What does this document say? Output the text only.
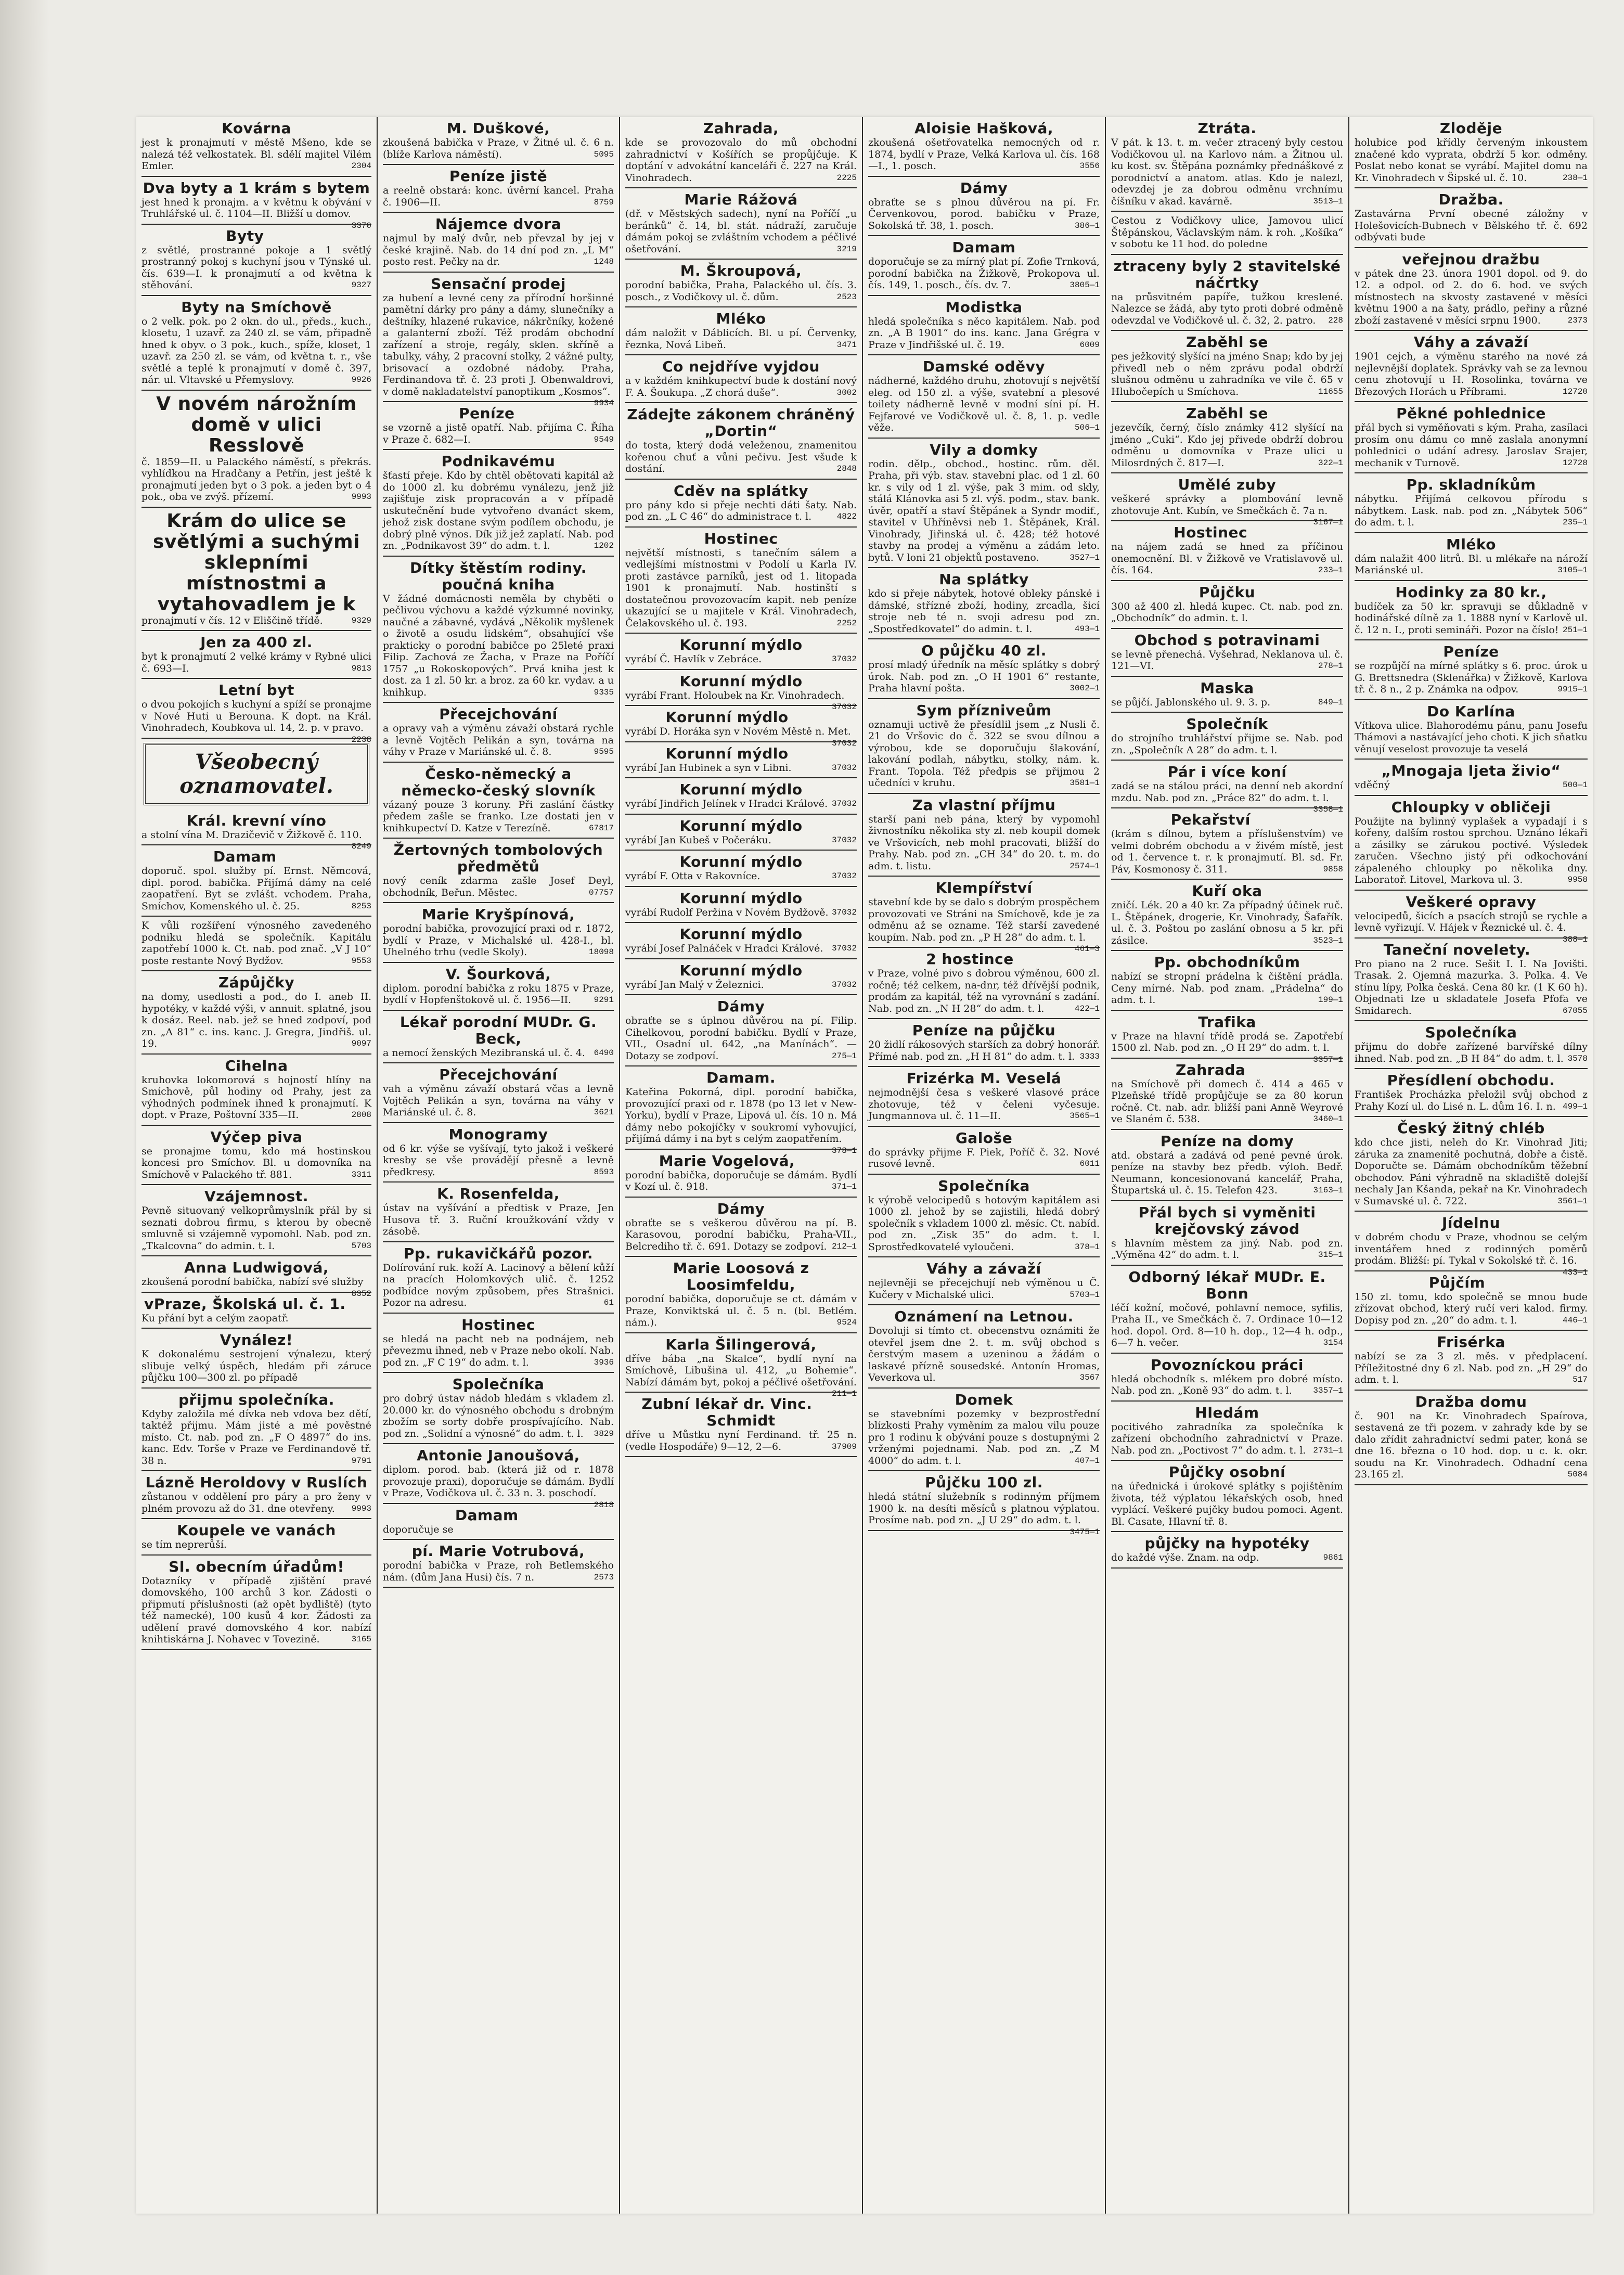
Kovárna
jest k pronajmutí v městě Mšeno, kde se nalezá též velkostatek. Bl. sdělí majitel Vilém Emler.	2304
Dva byty a 1 krám s bytem
jest hned k pronajm. a v květnu k obývání v Truhlářské ul. č. 1104—II. Bližší u domov.
3370
Byty
z světlé, prostranné pokoje a 1 světlý prostranný pokoj s kuchyní jsou v Týnské ul. čís. 639—I. k pronajmutí a od května k stěhování.	9327
Byty na Smíchově
o 2 velk. pok. po 2 okn. do ul., předs., kuch., klosetu, 1 uzavř. za 240 zl. se vám, připadně hned k obyv. o 3 pok., kuch., spíže, kloset, 1 uzavř. za 250 zl. se vám, od května t. r., vše světlé a teplé k pronajmutí v domě č. 397, nár. ul. Vltavské u Přemyslovy.	9926
V novém nárožním domě v ulici Resslově
č. 1859—II. u Palackého náměstí, s překrás. vyhlídkou na Hradčany a Petřín, jest ještě k pronajmutí jeden byt o 3 pok. a jeden byt o 4 pok., oba ve zvýš. přízemí.	9993
Krám do ulice se světlými a suchými sklepními místnostmi a vytahovadlem je k
pronajmutí v čís. 12 v Eliščině třídě.	9329
Jen za 400 zl.
byt k pronajmutí 2 velké krámy v Rybné ulici č. 693—I.	9813
Letní byt
o dvou pokojích s kuchyní a spíží se pronajme v Nové Huti u Berouna. K dopt. na Král. Vinohradech, Koubkova ul. 14, 2. p. v pravo.
2238
Všeobecný oznamovatel.
Král. krevní víno
a stolní vína M. Drazičevič v Žižkově č. 110.
8249
Damam
doporuč. spol. služby pí. Ernst. Němcová, dipl. porod. babička. Přijímá dámy na celé zaopatření. Byt se zvlášt. vchodem. Praha, Smíchov, Komenského ul. č. 25.	8253
K vůli rozšíření výnosného zavedeného podniku hledá se společník. Kapitálu zapotřebí 1000 k. Ct. nab. pod znač. „V J 10“ poste restante Nový Bydžov.	9553
Zápůjčky
na domy, usedlosti a pod., do I. aneb II. hypotéky, v každé výši, v annuit. splatné, jsou k dosáz. Reel. nab. jež se hned zodpoví, pod zn. „A 81“ c. ins. kanc. J. Gregra, Jindřiš. ul. 19.	9097
Cihelna
kruhovka lokomorová s hojností hlíny na Smíchově, půl hodiny od Prahy, jest za výhodných podmínek ihned k pronajmutí. K dopt. v Praze, Poštovní 335—II.	2808
Výčep piva
se pronajme tomu, kdo má hostinskou koncesi pro Smíchov. Bl. u domovníka na Smíchově v Palackého tř. 881.	3311
Vzájemnost.
Pevně situovaný velkoprůmyslník přál by si seznati dobrou firmu, s kterou by obecně smluvně si vzájemně vypomohl. Nab. pod zn. „Tkalcovna“ do admin. t. l.	5703
Anna Ludwigová,
zkoušená porodní babička, nabízí své služby
8352
vPraze, Školská ul. č. 1.
Ku přání byt a celým zaopatř.
Vynález!
K dokonalému sestrojení výnalezu, který slibuje velký úspěch, hledám při záruce půjčku 100—300 zl. po případě
přijmu společníka.
Kdyby založila mé dívka neb vdova bez dětí, taktéž přijmu. Mám jisté a mé pověstné místo. Ct. nab. pod zn. „F O 4897“ do ins. kanc. Edv. Torše v Praze ve Ferdinandově tř. 38 n.	9791
Lázně Heroldovy v Ruslích
zůstanou v oddělení pro páry a pro ženy v plném provozu až do 31. dne otevřeny. 9993
Koupele ve vanách
se tím neprerůší.
Sl. obecním úřadům!
Dotazníky v případě zjištění pravé domovského, 100 archů 3 kor. Zádosti o připmutí příslušnosti (až opět bydliště) (tyto též namecké), 100 kusů 4 kor. Žádosti za udělení pravé domovského 4 kor. nabízí knihtiskárna J. Nohavec v Tovezině.	3165
M. Duškové,
zkoušená babička v Praze, v Žitné ul. č. 6 n. (blíže Karlova náměstí).	5095
Peníze jistě
a reelně obstará: konc. úvěrní kancel. Praha č. 1906—II.	8759
Nájemce dvora
najmul by malý dvůr, neb převzal by jej v české krajině. Nab. do 14 dní pod zn. „L M“ posto rest. Pečky na dr.	1248
Sensační prodej
za hubení a levné ceny za přírodní horšinné pamětní dárky pro pány a dámy, slunečníky a deštníky, hlazené rukavice, nákrčníky, kožené a galanterní zboží. Též prodám obchodní zařízení a stroje, regály, sklen. skříně a tabulky, váhy, 2 pracovní stolky, 2 vážné pulty, brisovací a ozdobné nádoby. Praha, Ferdinandova tř. č. 23 proti J. Obenwaldrovi, v domě nakladatelství panoptikum „Kosmos“.
9934
Peníze
se vzorně a jistě opatří. Nab. přijíma C. Říha v Praze č. 682—I.	9549
Podnikavému
šťastí přeje. Kdo by chtěl obětovati kapitál až do 1000 zl. ku dobrému vynálezu, jenž již zajišťuje zisk propracován a v případě uskutečnění bude vytvořeno dvanáct skem, jehož zisk dostane svým podílem obchodu, je dobrý plně výnos. Dík již jež zaplatí. Nab. pod zn. „Podnikavost 39“ do adm. t. l.	1202
Dítky štěstím rodiny. poučná kniha
V žádné domácnosti neměla by chyběti o pečlivou výchovu a každé výzkumné novinky, naučné a zábavné, vydává „Několik myšlenek o životě a osudu lidském“, obsahující vše prakticky o porodní babičce po 25leté praxi Filip. Zachová ze Žacha, v Praze na Poříčí 1757 „u Rokoskopových“. Prvá kniha jest k dost. za 1 zl. 50 kr. a broz. za 60 kr. vydav. a u knihkup.	9335
Přecejchování
a opravy vah a výměnu závaží obstará rychle a levně Vojtěch Pelikán a syn, továrna na váhy v Praze v Mariánské ul. č. 8.	9595
Česko-německý a německo-český slovník
vázaný pouze 3 koruny. Při zaslání částky předem zašle se franko. Lze dostati jen v knihkupectví D. Katze v Terezíně.	67817
Žertovných tombolových předmětů
nový ceník zdarma zašle Josef Deyl, obchodník, Beřun. Městec.	07757
Marie Kryšpínová,
porodní babička, provozující praxi od r. 1872, bydlí v Praze, v Michalské ul. 428-I., bl. Uhelného trhu (vedle Skoly).	18098
V. Šourková,
diplom. porodní babička z roku 1875 v Praze, bydlí v Hopfenštokově ul. č. 1956—II.	9291
Lékař porodní MUDr. G. Beck,
a nemocí ženských Mezibranská ul. č. 4. 6490
Přecejchování
vah a výměnu závaží obstará včas a levně Vojtěch Pelikán a syn, továrna na váhy v Mariánské ul. č. 8.	3621
Monogramy
od 6 kr. výše se vyšívají, tyto jakož i veškeré kresby se vše provádějí přesně a levně předkresy.	8593
K. Rosenfelda,
ústav na vyšívání a předtisk v Praze, Jen Husova tř. 3. Ruční kroužkování vždy v zásobě.
Pp. rukavičkářů pozor.
Dolírování ruk. koží A. Lacinový a bělení kůží na pracích Holomkových ulič. č. 1252 podbídce novým způsobem, přes Strašnici. Pozor na adresu.	61
Hostinec
se hledá na pacht neb na podnájem, neb převezmu ihned, neb v Praze nebo okolí. Nab. pod zn. „F C 19“ do adm. t. l.	3936
Společníka
pro dobrý ústav nádob hledám s vkladem zl. 20.000 kr. do výnosného obchodu s drobným zbožím se sorty dobře prospívajícího. Nab. pod zn. „Solidní a výnosné“ do adm. t. l. 3829
Antonie Janoušová,
diplom. porod. bab. (která již od r. 1878 provozuje praxi), doporučuje se dámám. Bydlí v Praze, Vodičkova ul. č. 33 n. 3. poschodí.
2818
Damam
doporučuje se
pí. Marie Votrubová,
porodní babička v Praze, roh Betlemského nám. (dům Jana Husi) čís. 7 n.	2573
Zahrada,
kde se provozovalo do mů obchodní zahradnictví v Košířích se propůjčuje. K doptání v advokátní kanceláři č. 227 na Král. Vinohradech.	2225
Marie Rážová
(dř. v Městských sadech), nyní na Poříčí „u beránků“ č. 14, bl. stát. nádraží, zaručuje dámám pokoj se zvláštním vchodem a péčlivé ošetřování.	3219
M. Škroupová,
porodní babička, Praha, Palackého ul. čís. 3. posch., z Vodičkovy ul. č. dům.	2523
Mléko
dám naložit v Dáblicích. Bl. u pí. Červenky, řeznka, Nová Libeň.	3471
Co nejdříve vyjdou
a v každém knihkupectví bude k dostání nový F. A. Šoukupa. „Z chorá duše“.	3002
Zádejte zákonem chráněný „Dortin“
do tosta, který dodá veleženou, znamenitou kořenou chuť a vůni pečivu. Jest všude k dostání.	2848
Cděv na splátky
pro pány kdo si přeje nechti dáti šaty. Nab. pod zn. „L C 46“ do administrace t. l.	4822
Hostinec
největší místnosti, s tanečním sálem a vedlejšími místnostmi v Podolí u Karla IV. proti zastávce parníků, jest od 1. litopada 1901 k pronajmutí. Nab. hostinští s dostatečnou provozovacím kapit. neb peníze ukazující se u majitele v Král. Vinohradech, Čelakovského ul. č. 193.	2252
Korunní mýdlo
vyrábí Č. Havlík v Zebráce.	37032
Korunní mýdlo
vyrábí Frant. Holoubek na Kr. Vinohradech.
37032
Korunní mýdlo
vyrábí D. Horáka syn v Novém Městě n. Met.
37032
Korunní mýdlo
vyrábí Jan Hubinek a syn v Libni.	37032
Korunní mýdlo
vyrábí Jindřich Jelínek v Hradci Králové. 37032
Korunní mýdlo
vyrábí Jan Kubeš v Počeráku.	37032
Korunní mýdlo
vyrábí F. Otta v Rakovníce.	37032
Korunní mýdlo
vyrábí Rudolf Peržina v Novém Bydžově. 37032
Korunní mýdlo
vyrábí Josef Palnáček v Hradci Králové. 37032
Korunní mýdlo
vyrábí Jan Malý v Železnici.	37032
Dámy
obraťte se s úplnou důvěrou na pí. Filip. Cihelkovou, porodní babičku. Bydlí v Praze, VII., Osadní ul. 642, „na Manínách“. — Dotazy se zodpoví.	275—1
Damam.
Kateřina Pokorná, dipl. porodní babička, provozující praxi od r. 1878 (po 13 let v New-Yorku), bydlí v Praze, Lipová ul. čís. 10 n. Má dámy nebo pokojíčky v soukromí vyhovující, přijímá dámy i na byt s celým zaopatřením.
378—1
Marie Vogelová,
porodní babička, doporučuje se dámám. Bydlí v Kozí ul. č. 918.	371—1
Dámy
obraťte se s veškerou důvěrou na pí. B. Karasovou, porodní babičku, Praha-VII., Belcrediho tř. č. 691. Dotazy se zodpoví. 212—1
Marie Loosová z Loosimfeldu,
porodní babička, doporučuje se ct. dámám v Praze, Konviktská ul. č. 5 n. (bl. Betlém. nám.).	9524
Karla Šilingerová,
dříve bába „na Skalce“, bydlí nyní na Smíchově, Libušina ul. 412, „u Bohemie“. Nabízí dámám byt, pokoj a péčlivé ošetřování.
211—1
Zubní lékař dr. Vinc. Schmidt
dříve u Můstku nyní Ferdinand. tř. 25 n. (vedle Hospodáře) 9—12, 2—6.	37909
Aloisie Hašková,
zkoušená ošetřovatelka nemocných od r. 1874, bydlí v Praze, Velká Karlova ul. čís. 168—I., 1. posch.	3556
Dámy
obraťte se s plnou důvěrou na pí. Fr. Červenkovou, porod. babičku v Praze, Sokolská tř. 38, 1. posch.	386—1
Damam
doporučuje se za mírný plat pí. Zofie Trnková, porodní babička na Žižkově, Prokopova ul. čís. 149, 1. posch., čís. dv. 7.	3805—1
Modistka
hledá společníka s něco kapitálem. Nab. pod zn. „A B 1901“ do ins. kanc. Jana Grégra v Praze v Jindřišské ul. č. 19.	6009
Damské oděvy
nádherné, každého druhu, zhotovují s největší eleg. od 150 zl. a výše, svatební a plesové toilety nádherně levně v modní síni pí. H. Fejfarové ve Vodičkově ul. č. 8, 1. p. vedle věže.	506—1
Vily a domky
rodin. dělp., obchod., hostinc. rům. děl. Praha, při výb. stav. stavební plac. od 1 zl. 60 kr. s vily od 1 zl. výše, pak 3 mim. od skly, stálá Klánovka asi 5 zl. výš. podm., stav. bank. úvěr, opatří a staví Štěpánek a Syndr modif., stavitel v Uhříněvsi neb 1. Štěpánek, Král. Vinohrady, Jiřinská ul. č. 428; též hotové stavby na prodej a výměnu a zádám leto. bytů. V loni 21 objektů postaveno.	3527—1
Na splátky
kdo si přeje nábytek, hotové obleky pánské i dámské, střízné zboží, hodiny, zrcadla, šicí stroje neb té n. svoji adresu pod zn. „Spostředkovatel“ do admin. t. l.	493—1
O půjčku 40 zl.
prosí mladý úředník na měsíc splátky s dobrý úrok. Nab. pod zn. „O H 1901 6“ restante, Praha hlavní pošta.	3002—1
Sym přízniveům
oznamuji uctivě že přesídlil jsem „z Nusli č. 21 do Vršovic do č. 322 se svou dílnou a výrobou, kde se doporučuju šlakování, lakování podlah, nábytku, stolky, nám. k. Frant. Topola. Též předpis se přijmou 2 učedníci v kruhu.	3581—1
Za vlastní příjmu
starší pani neb pána, který by vypomohl živnostníku několika sty zl. neb koupil domek ve Vršovicích, neb mohl pracovati, bližší do Prahy. Nab. pod zn. „CH 34“ do 20. t. m. do adm. t. listu.	2574—1
Klempířství
stavební kde by se dalo s dobrým prospěchem provozovati ve Stráni na Smíchově, kde je za odměnu až se ozname. Též starší zavedené koupím. Nab. pod zn. „P H 28“ do adm. t. l.
461—3
2 hostince
v Praze, volné pivo s dobrou výměnou, 600 zl. ročně; též celkem, na-dnr, též dřívější podnik, prodám za kapitál, též na vyrovnání s zadání. Nab. pod zn. „N H 28“ do adm. t. l.	422—1
Peníze na půjčku
20 židlí rákosových starších za dobrý honorář. Přímé nab. pod zn. „H H 81“ do adm. t. l. 3333
Frizérka M. Veselá
nejmodnější česa s veškeré vlasové práce zhotovuje, též v čeleni vyčesuje. Jungmannova ul. č. 11—II.	3565—1
Galoše
do správky přijme F. Piek, Poříč č. 32. Nové rusové levně.	6011
Společníka
k výrobě velocipedů s hotovým kapitálem asi 1000 zl. jehož by se zajistili, hledá dobrý společník s vkladem 1000 zl. měsíc. Ct. nabíd. pod zn. „Zisk 35“ do adm. t. l. Sprostředkovatelé vyloučeni.	378—1
Váhy a závaží
nejlevněji se přecejchují neb výměnou u Č. Kučery v Michalské ulici.	5703—1
Oznámení na Letnou.
Dovoluji si tímto ct. obecenstvu oznámiti že otevřel jsem dne 2. t. m. svůj obchod s čerstvým masem a uzeninou a žádám o laskavé přízně sousedské. Antonín Hromas, Veverkova ul.	3567
Domek
se stavebními pozemky v bezprostřední blízkosti Prahy vyměním za malou vilu pouze pro 1 rodinu k obývání pouze s dostupnými 2 vrženými pojednami. Nab. pod zn. „Z M 4000“ do adm. t. l.	407—1
Půjčku 100 zl.
hledá státní služebník s rodinným příjmem 1900 k. na desíti měsíců s platnou výplatou. Prosíme nab. pod zn. „J U 29“ do adm. t. l.
3475—1
Ztráta.
V pát. k 13. t. m. večer ztracený byly cestou Vodičkovou ul. na Karlovo nám. a Žitnou ul. ku kost. sv. Štěpána poznámky přednáškové z porodnictví a anatom. atlas. Kdo je nalezl, odevzdej je za dobrou odměnu vrchnímu číšníku v akad. kavárně.	3513—1
Cestou z Vodičkovy ulice, Jamovou ulicí Štěpánskou, Václavským nám. k roh. „Košíka“ v sobotu ke 11 hod. do poledne
ztraceny byly 2 stavitelské náčrtky
na průsvitném papíře, tužkou kreslené. Nalezce se žádá, aby tyto proti dobré odměně odevzdal ve Vodičkově ul. č. 32, 2. patro. 228
Zaběhl se
pes ježkovitý slyšící na jméno Snap; kdo by jej přivedl neb o něm zprávu podal obdrží slušnou odměnu u zahradníka ve vile č. 65 v Hlubočepích u Smíchova.	11655
Zaběhl se
jezevčík, černý, číslo známky 412 slyšící na jméno „Cuki“. Kdo jej přivede obdrží dobrou odměnu u domovníka v Praze ulici u Milosrdných č. 817—I.	322—1
Umělé zuby
veškeré správky a plombování levně zhotovuje Ant. Kubín, ve Smečkách č. 7a n.
3167—1
Hostinec
na nájem zadá se hned za příčinou onemocnění. Bl. v Žižkově ve Vratislavově ul. čís. 164.	233—1
Půjčku
300 až 400 zl. hledá kupec. Ct. nab. pod zn. „Obchodník“ do admin. t. l.
Obchod s potravinami
se levně přenechá. Vyšehrad, Neklanova ul. č. 121—VI.	278—1
Maska
se půjčí. Jablonského ul. 9. 3. p.	849—1
Společník
do strojního truhlářství přijme se. Nab. pod zn. „Společník A 28“ do adm. t. l.
Pár i více koní
zadá se na stálou práci, na denní neb akordní mzdu. Nab. pod zn. „Práce 82“ do adm. t. l.
3358—1
Pekařství
(krám s dílnou, bytem a příslušenstvím) ve velmi dobrém obchodu a v živém místě, jest od 1. července t. r. k pronajmutí. Bl. sd. Fr. Páv, Kosmonosy č. 311.	9858
Kuří oka
zničí. Lék. 20 a 40 kr. Za případný účinek ruč. L. Štěpánek, drogerie, Kr. Vinohrady, Šafařík. ul. č. 3. Poštou po zaslání obnosu a 5 kr. při zásilce.	3523—1
Pp. obchodníkům
nabízí se stropní prádelna k čištění prádla. Ceny mírné. Nab. pod znam. „Prádelna“ do adm. t. l.	199—1
Trafika
v Praze na hlavní třídě prodá se. Zapotřebí 1500 zl. Nab. pod zn. „O H 29“ do adm. t. l.
3357—1
Zahrada
na Smíchově při domech č. 414 a 465 v Plzeňské třídě propůjčuje se za 80 korun ročně. Ct. nab. adr. bližší pani Anně Weyrové ve Slaném č. 538.	3460—1
Peníze na domy
atd. obstará a zadává od pené pevné úrok. peníze na stavby bez předb. výloh. Bedř. Neumann, koncesionovaná kancelář, Praha, Štupartská ul. č. 15. Telefon 423.	3163—1
Přál bych si vyměniti krejčovský závod
s hlavním městem za jiný. Nab. pod zn. „Výměna 42“ do adm. t. l.	315—1
Odborný lékař MUDr. E. Bonn
léčí kožní, močové, pohlavní nemoce, syfilis, Praha II., ve Smečkách č. 7. Ordinace 10—12 hod. dopol. Ord. 8—10 h. dop., 12—4 h. odp., 6—7 h. večer.	3154
Povozníckou práci
hledá obchodník s. mlékem pro dobré místo. Nab. pod zn. „Koně 93“ do adm. t. l.	3357—1
Hledám
pocitivého zahradníka za společníka k zařízení obchodního zahradnictví v Praze. Nab. pod zn. „Poctivost 7“ do adm. t. l. 2731—1
Půjčky osobní
na úřednická i úrokové splátky s pojištěním života, též výplatou lékařských osob, hned vyplácí. Veškeré pujčky budou pomoci. Agent. Bl. Casate, Hlavní tř. 8.
půjčky na hypotéky
do každé výše. Znam. na odp.	9861
Zloděje
holubice pod křídly červeným inkoustem značené kdo vyprata, obdrží 5 kor. odměny. Poslat nebo konat se vyrábí. Majitel domu na Kr. Vinohradech v Šipské ul. č. 10.	238—1
Dražba.
Zastavárna První obecné záložny v Holešovicích-Bubnech v Bělského tř. č. 692 odbývati bude
veřejnou dražbu
v pátek dne 23. února 1901 dopol. od 9. do 12. a odpol. od 2. do 6. hod. ve svých místnostech na skvosty zastavené v měsíci květnu 1900 a na šaty, prádlo, peřiny a různé zboží zastavené v měsíci srpnu 1900.	2373
Váhy a závaží
1901 cejch, a výměnu starého na nové zá nejlevnější doplatek. Správky vah se za levnou cenu zhotovují u H. Rosolinka, továrna ve Březových Horách u Příbrami.	12720
Pěkné pohlednice
přál bych si vyměňovati s kým. Praha, zasílaci prosím onu dámu co mně zaslala anonymní pohlednici o udání adresy. Jaroslav Srajer, mechanik v Turnově.	12728
Pp. skladníkům
nábytku. Přijímá celkovou přírodu s nábytkem. Lask. nab. pod zn. „Nábytek 506“ do adm. t. l.	235—1
Mléko
dám nalažit 400 litrů. Bl. u mlékaře na nároží Mariánské ul.	3105—1
Hodinky za 80 kr.,
budíček za 50 kr. spravuji se důkladně v hodinářské dílně za 1. 1888 nyní v Karlově ul. č. 12 n. I., proti semináři. Pozor na číslo! 251—1
Peníze
se rozpůjčí na mírné splátky s 6. proc. úrok u G. Brettsnedra (Sklenářka) v Žižkově, Karlova tř. č. 8 n., 2 p. Známka na odpov.	9915—1
Do Karlína
Vítkova ulice. Blahorodému pánu, panu Josefu Thámovi a nastávající jeho choti. K jich sňatku věnují veselost provozuje ta veselá
„Mnogaja ljeta živio“
vděčný	500—1
Chloupky v obličeji
Použijte na bylinný vyplašek a vypadají i s kořeny, dalším rostou sprchou. Uznáno lékaři a zásilky se zárukou poctivé. Výsledek zaručen. Všechno jistý při odkochování zápaleného chloupky po několika dny. Laboratoř. Litovel, Markova ul. 3.	9958
Veškeré opravy
velocipedů, šicích a psacích strojů se rychle a levně vyřizují. V. Hájek v Řeznické ul. č. 4.
388—1
Taneční novelety.
Pro piano na 2 ruce. Sešit I. I. Na Jovišti. Trasak. 2. Ojemná mazurka. 3. Polka. 4. Ve stínu lípy, Polka česká. Cena 80 kr. (1 K 60 h). Objednati lze u skladatele Josefa Pfofa ve Smidarech.	67055
Společníka
přijmu do dobře zařízené barvířské dílny ihned. Nab. pod zn. „B H 84“ do adm. t. l. 3578
Přesídlení obchodu.
František Procházka přeložil svůj obchod z Prahy Kozí ul. do Lisé n. L. dům 16. I. n. 499—1
Český žitný chléb
kdo chce jisti, neleh do Kr. Vinohrad Jiti; záruka za znamenitě pochutná, dobře a čistě. Doporučte se. Dámám obchodníkům těžební obchodov. Páni výhradně na skladiště dolejší nechaly Jan Kšanda, pekař na Kr. Vinohradech v Sumavské ul. č. 722.	3561—1
Jídelnu
v dobrém chodu v Praze, vhodnou se celým inventářem hned z rodinných poměrů prodám. Bližší: pí. Tykal v Sokolské tř. č. 16.
433—1
Půjčím
150 zl. tomu, kdo společně se mnou bude zřízovat obchod, který ručí veri kalod. firmy. Dopisy pod zn. „20“ do adm. t. l.	446—1
Frisérka
nabízí se za 3 zl. měs. v předplacení. Příležitostné dny 6 zl. Nab. pod zn. „H 29“ do adm. t. l.	517
Dražba domu
č. 901 na Kr. Vinohradech Spaírova, sestavená ze tři pozem. v zahrady kde by se dalo zřídit zahradnictví sedmi pater, koná se dne 16. března o 10 hod. dop. u c. k. okr. soudu na Kr. Vinohradech. Odhadní cena 23.165 zl.	5084
